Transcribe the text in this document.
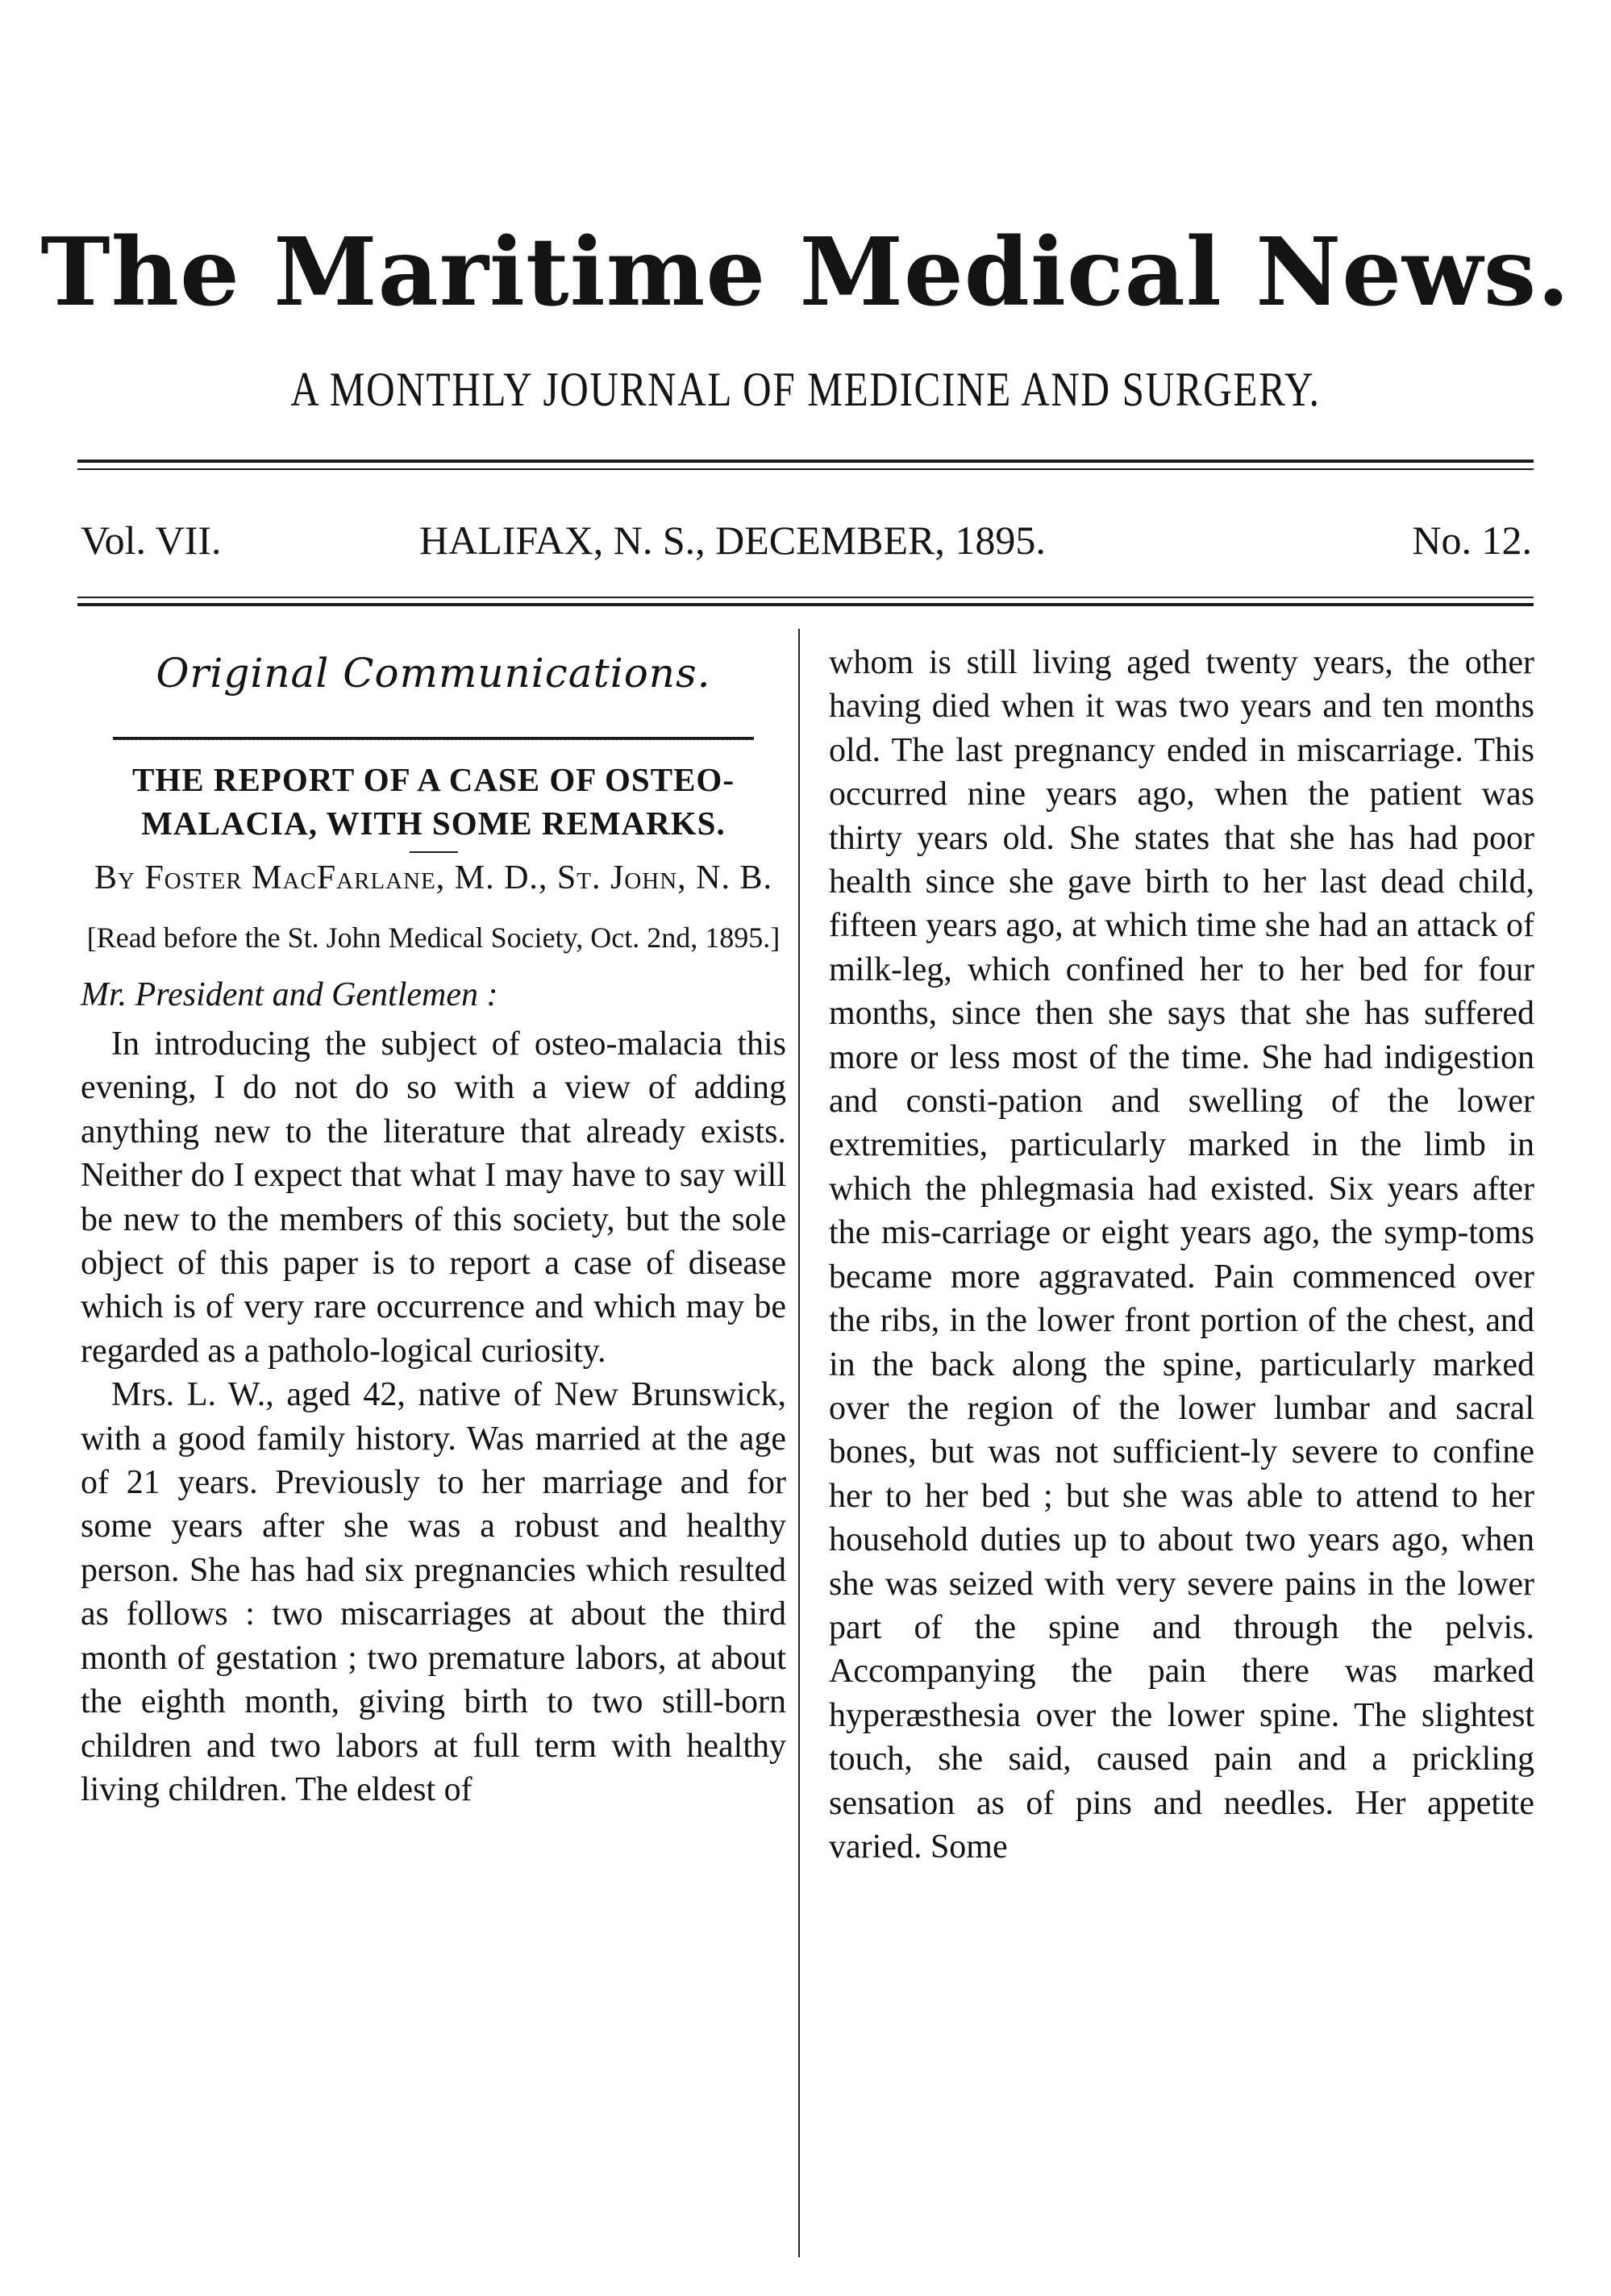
The Maritime Medical News.
A MONTHLY JOURNAL OF MEDICINE AND SURGERY.
Vol. VII.	HALIFAX, N. S., DECEMBER, 1895.	No. 12.
Original Communications.
THE REPORT OF A CASE OF OSTEO-MALACIA, WITH SOME REMARKS.
By Foster MacFarlane, M. D., St. John, N. B.
[Read before the St. John Medical Society, Oct. 2nd, 1895.]
Mr. President and Gentlemen :

In introducing the subject of osteo-malacia this evening, I do not do so with a view of adding anything new to the literature that already exists. Neither do I expect that what I may have to say will be new to the members of this society, but the sole object of this paper is to report a case of disease which is of very rare occurrence and which may be regarded as a patholo-logical curiosity.

Mrs. L. W., aged 42, native of New Brunswick, with a good family history. Was married at the age of 21 years. Previously to her marriage and for some years after she was a robust and healthy person. She has had six pregnancies which resulted as follows : two miscarriages at about the third month of gestation ; two premature labors, at about the eighth month, giving birth to two still-born children and two labors at full term with healthy living children. The eldest of

whom is still living aged twenty years, the other having died when it was two years and ten months old. The last pregnancy ended in miscarriage. This occurred nine years ago, when the patient was thirty years old. She states that she has had poor health since she gave birth to her last dead child, fifteen years ago, at which time she had an attack of milk-leg, which confined her to her bed for four months, since then she says that she has suffered more or less most of the time. She had indigestion and consti-pation and swelling of the lower extremities, particularly marked in the limb in which the phlegmasia had existed. Six years after the mis-carriage or eight years ago, the symp-toms became more aggravated. Pain commenced over the ribs, in the lower front portion of the chest, and in the back along the spine, particularly marked over the region of the lower lumbar and sacral bones, but was not sufficient-ly severe to confine her to her bed ; but she was able to attend to her household duties up to about two years ago, when she was seized with very severe pains in the lower part of the spine and through the pelvis. Accompanying the pain there was marked hyperæsthesia over the lower spine. The slightest touch, she said, caused pain and a prickling sensation as of pins and needles. Her appetite varied. Some
